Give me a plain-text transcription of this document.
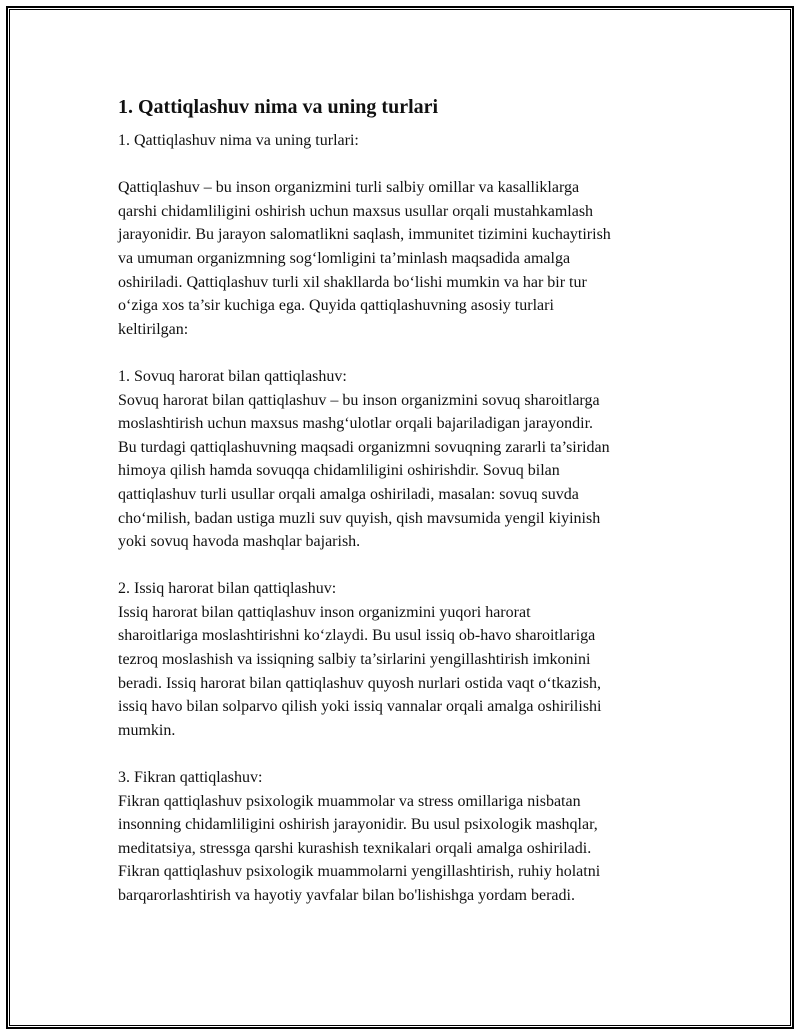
1. Qattiqlashuv nima va uning turlari

1. Qattiqlashuv nima va uning turlari:

Qattiqlashuv – bu inson organizmini turli salbiy omillar va kasalliklarga
qarshi chidamliligini oshirish uchun maxsus usullar orqali mustahkamlash
jarayonidir. Bu jarayon salomatlikni saqlash, immunitet tizimini kuchaytirish
va umuman organizmning sog‘lomligini ta’minlash maqsadida amalga
oshiriladi. Qattiqlashuv turli xil shakllarda bo‘lishi mumkin va har bir tur
o‘ziga xos ta’sir kuchiga ega. Quyida qattiqlashuvning asosiy turlari
keltirilgan:

1. Sovuq harorat bilan qattiqlashuv:

Sovuq harorat bilan qattiqlashuv – bu inson organizmini sovuq sharoitlarga
moslashtirish uchun maxsus mashg‘ulotlar orqali bajariladigan jarayondir.
Bu turdagi qattiqlashuvning maqsadi organizmni sovuqning zararli ta’siridan
himoya qilish hamda sovuqqa chidamliligini oshirishdir. Sovuq bilan
qattiqlashuv turli usullar orqali amalga oshiriladi, masalan: sovuq suvda
cho‘milish, badan ustiga muzli suv quyish, qish mavsumida yengil kiyinish
yoki sovuq havoda mashqlar bajarish.

2. Issiq harorat bilan qattiqlashuv:

Issiq harorat bilan qattiqlashuv inson organizmini yuqori harorat
sharoitlariga moslashtirishni ko‘zlaydi. Bu usul issiq ob-havo sharoitlariga
tezroq moslashish va issiqning salbiy ta’sirlarini yengillashtirish imkonini
beradi. Issiq harorat bilan qattiqlashuv quyosh nurlari ostida vaqt o‘tkazish,
issiq havo bilan solparvo qilish yoki issiq vannalar orqali amalga oshirilishi
mumkin.

3. Fikran qattiqlashuv:

Fikran qattiqlashuv psixologik muammolar va stress omillariga nisbatan
insonning chidamliligini oshirish jarayonidir. Bu usul psixologik mashqlar,
meditatsiya, stressga qarshi kurashish texnikalari orqali amalga oshiriladi.
Fikran qattiqlashuv psixologik muammolarni yengillashtirish, ruhiy holatni
barqarorlashtirish va hayotiy yavfalar bilan bo'lishishga yordam beradi.
